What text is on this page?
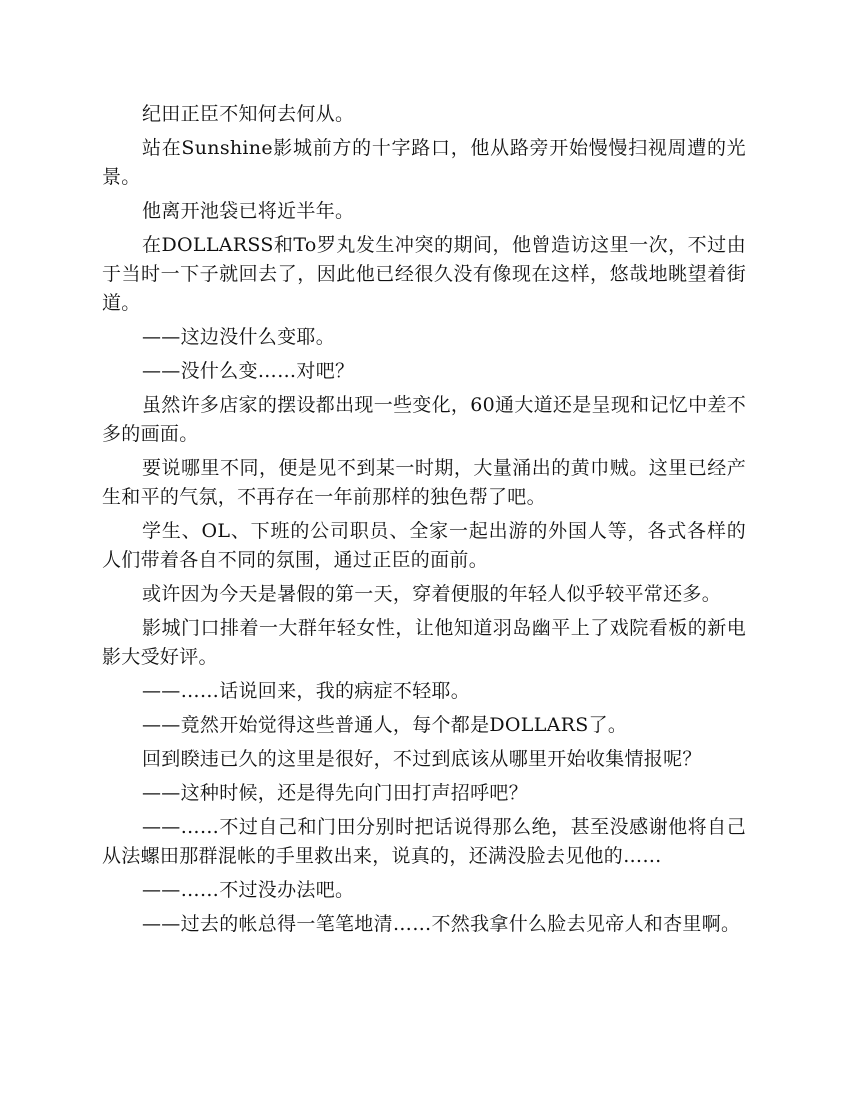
纪田正臣不知何去何从。

站在Sunshine影城前方的十字路口，他从路旁开始慢慢扫视周遭的光景。

他离开池袋已将近半年。

在DOLLARSS和To罗丸发生冲突的期间，他曾造访这里一次，不过由于当时一下子就回去了，因此他已经很久没有像现在这样，悠哉地眺望着街道。

——这边没什么变耶。

——没什么变……对吧？

虽然许多店家的摆设都出现一些变化，60通大道还是呈现和记忆中差不多的画面。

要说哪里不同，便是见不到某一时期，大量涌出的黄巾贼。这里已经产生和平的气氛，不再存在一年前那样的独色帮了吧。

学生、OL、下班的公司职员、全家一起出游的外国人等，各式各样的人们带着各自不同的氛围，通过正臣的面前。

或许因为今天是暑假的第一天，穿着便服的年轻人似乎较平常还多。

影城门口排着一大群年轻女性，让他知道羽岛幽平上了戏院看板的新电影大受好评。

——……话说回来，我的病症不轻耶。

——竟然开始觉得这些普通人，每个都是DOLLARS了。

回到睽违已久的这里是很好，不过到底该从哪里开始收集情报呢？

——这种时候，还是得先向门田打声招呼吧？

——……不过自己和门田分别时把话说得那么绝，甚至没感谢他将自己从法螺田那群混帐的手里救出来，说真的，还满没脸去见他的……

——……不过没办法吧。

——过去的帐总得一笔笔地清……不然我拿什么脸去见帝人和杏里啊。
